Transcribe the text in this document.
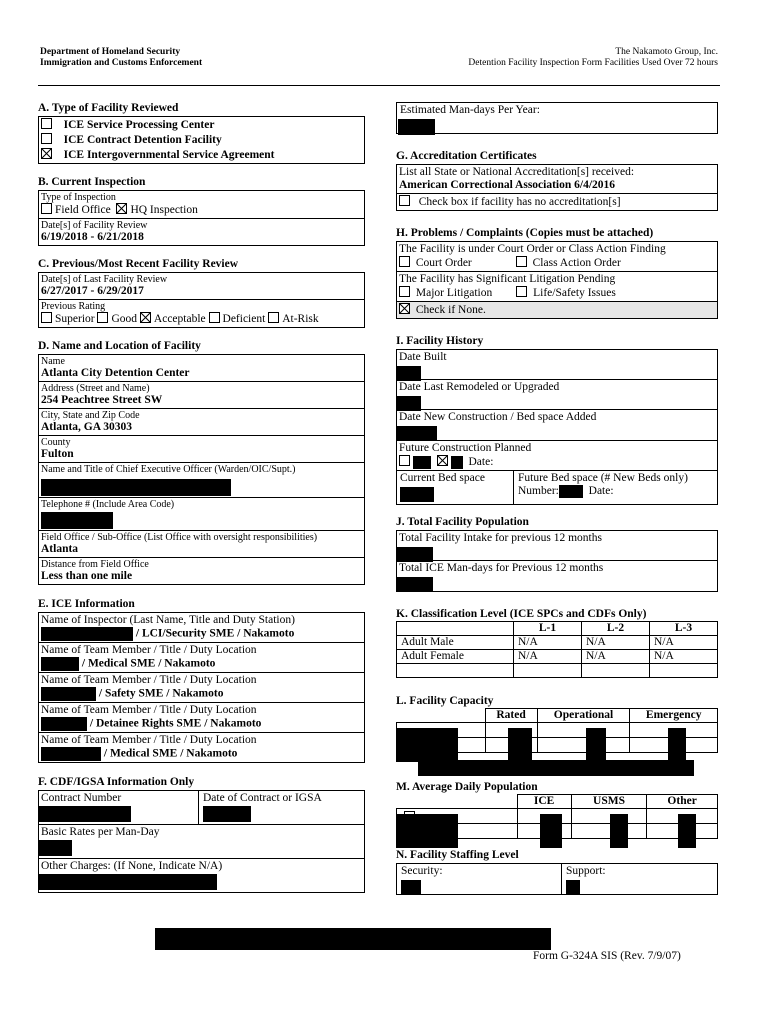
Department of Homeland Security
Immigration and Customs Enforcement
The Nakamoto Group, Inc.
Detention Facility Inspection Form Facilities Used Over 72 hours
A. Type of Facility Reviewed
ICE Service Processing Center
ICE Contract Detention Facility
ICE Intergovernmental Service Agreement
B. Current Inspection
Type of Inspection
Field Office HQ Inspection
Date[s] of Facility Review
6/19/2018 - 6/21/2018
C. Previous/Most Recent Facility Review
Date[s] of Last Facility Review
6/27/2017 - 6/29/2017
Previous Rating
Superior Good Acceptable Deficient At-Risk
D. Name and Location of Facility
Name
Atlanta City Detention Center
Address (Street and Name)
254 Peachtree Street SW
City, State and Zip Code
Atlanta, GA 30303
County
Fulton
Name and Title of Chief Executive Officer (Warden/OIC/Supt.)
Telephone # (Include Area Code)
Field Office / Sub-Office (List Office with oversight responsibilities)
Atlanta
Distance from Field Office
Less than one mile
E. ICE Information
Name of Inspector (Last Name, Title and Duty Station)
/ LCI/Security SME / Nakamoto
Name of Team Member / Title / Duty Location
/ Medical SME / Nakamoto
Name of Team Member / Title / Duty Location
/ Safety SME / Nakamoto
Name of Team Member / Title / Duty Location
/ Detainee Rights SME / Nakamoto
Name of Team Member / Title / Duty Location
/ Medical SME / Nakamoto
F. CDF/IGSA Information Only
Contract Number	Date of Contract or IGSA
Basic Rates per Man-Day
Other Charges: (If None, Indicate N/A)
Estimated Man-days Per Year:
G. Accreditation Certificates
List all State or National Accreditation[s] received:
American Correctional Association 6/4/2016
Check box if facility has no accreditation[s]
H. Problems / Complaints (Copies must be attached)
The Facility is under Court Order or Class Action Finding
Court Order	Class Action Order
The Facility has Significant Litigation Pending
Major Litigation	Life/Safety Issues
Check if None.
I. Facility History
Date Built
Date Last Remodeled or Upgraded
Date New Construction / Bed space Added
Future Construction Planned
Date:
Current Bed space	Future Bed space (# New Beds only)
Number:	Date:
J. Total Facility Population
Total Facility Intake for previous 12 months
Total ICE Man-days for Previous 12 months
K. Classification Level (ICE SPCs and CDFs Only)
	L-1	L-2	L-3
Adult Male	N/A	N/A	N/A
Adult Female	N/A	N/A	N/A

L. Facility Capacity
	Rated	Operational	Emergency

M. Average Daily Population
	ICE	USMS	Other

N. Facility Staffing Level
Security:	Support:
Form G-324A SIS (Rev. 7/9/07)
